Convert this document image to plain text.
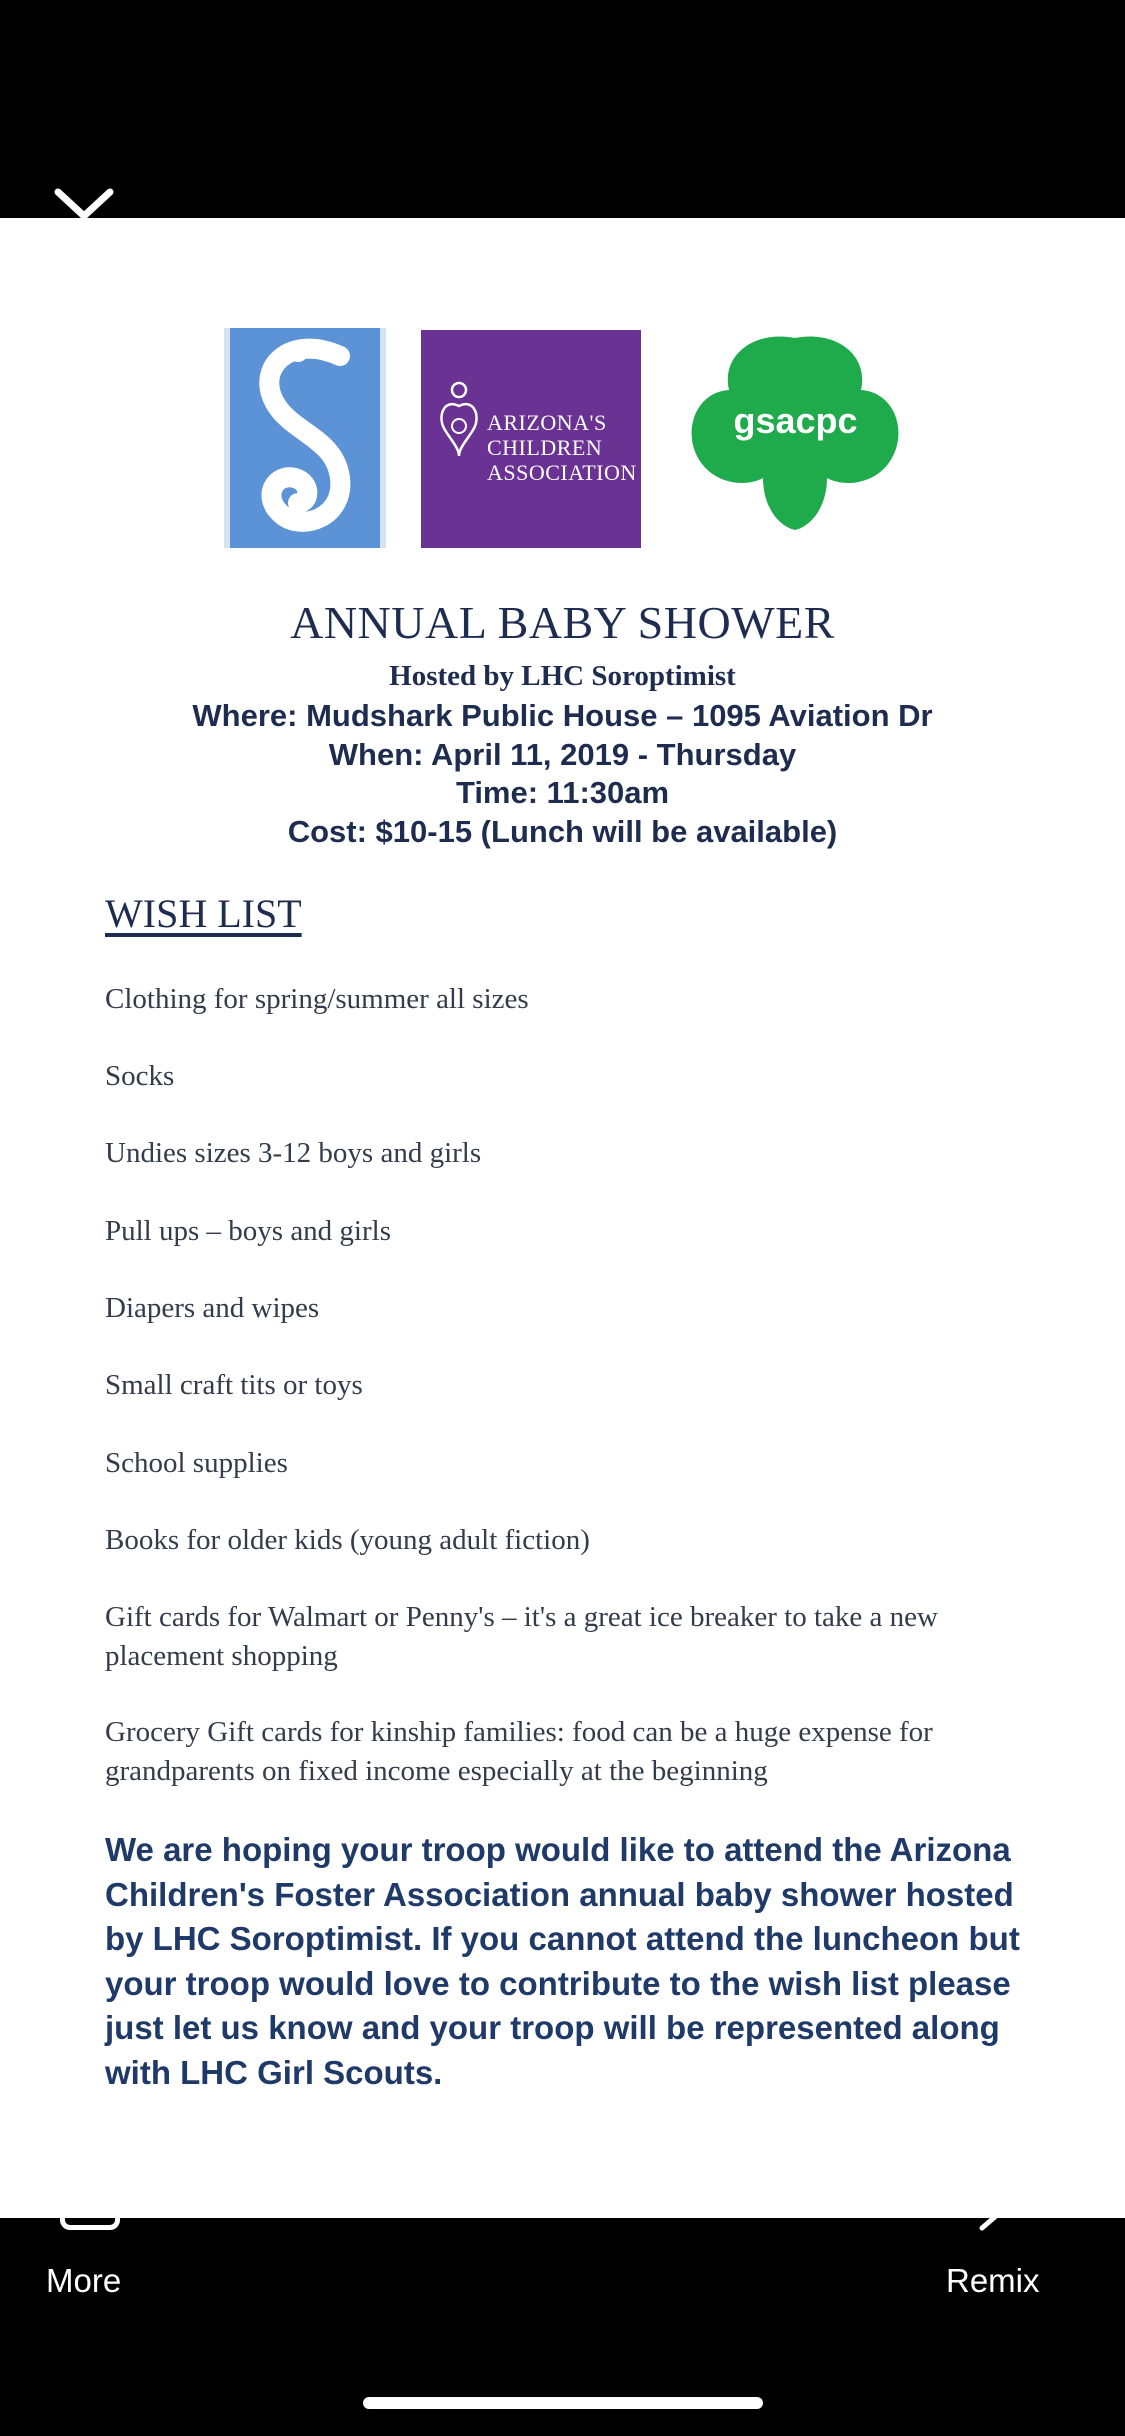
ARIZONA'S
CHILDREN
ASSOCIATION
gsacpc
ANNUAL BABY SHOWER
Hosted by LHC Soroptimist
Where: Mudshark Public House – 1095 Aviation Dr
When: April 11, 2019 - Thursday
Time: 11:30am
Cost: $10-15 (Lunch will be available)
WISH LIST
Clothing for spring/summer all sizes
Socks
Undies sizes 3-12 boys and girls
Pull ups – boys and girls
Diapers and wipes
Small craft tits or toys
School supplies
Books for older kids (young adult fiction)
Gift cards for Walmart or Penny's – it's a great ice breaker to take a new placement shopping
Grocery Gift cards for kinship families: food can be a huge expense for grandparents on fixed income especially at the beginning
We are hoping your troop would like to attend the Arizona Children's Foster Association annual baby shower hosted by LHC Soroptimist. If you cannot attend the luncheon but your troop would love to contribute to the wish list please just let us know and your troop will be represented along with LHC Girl Scouts.
More	Remix
